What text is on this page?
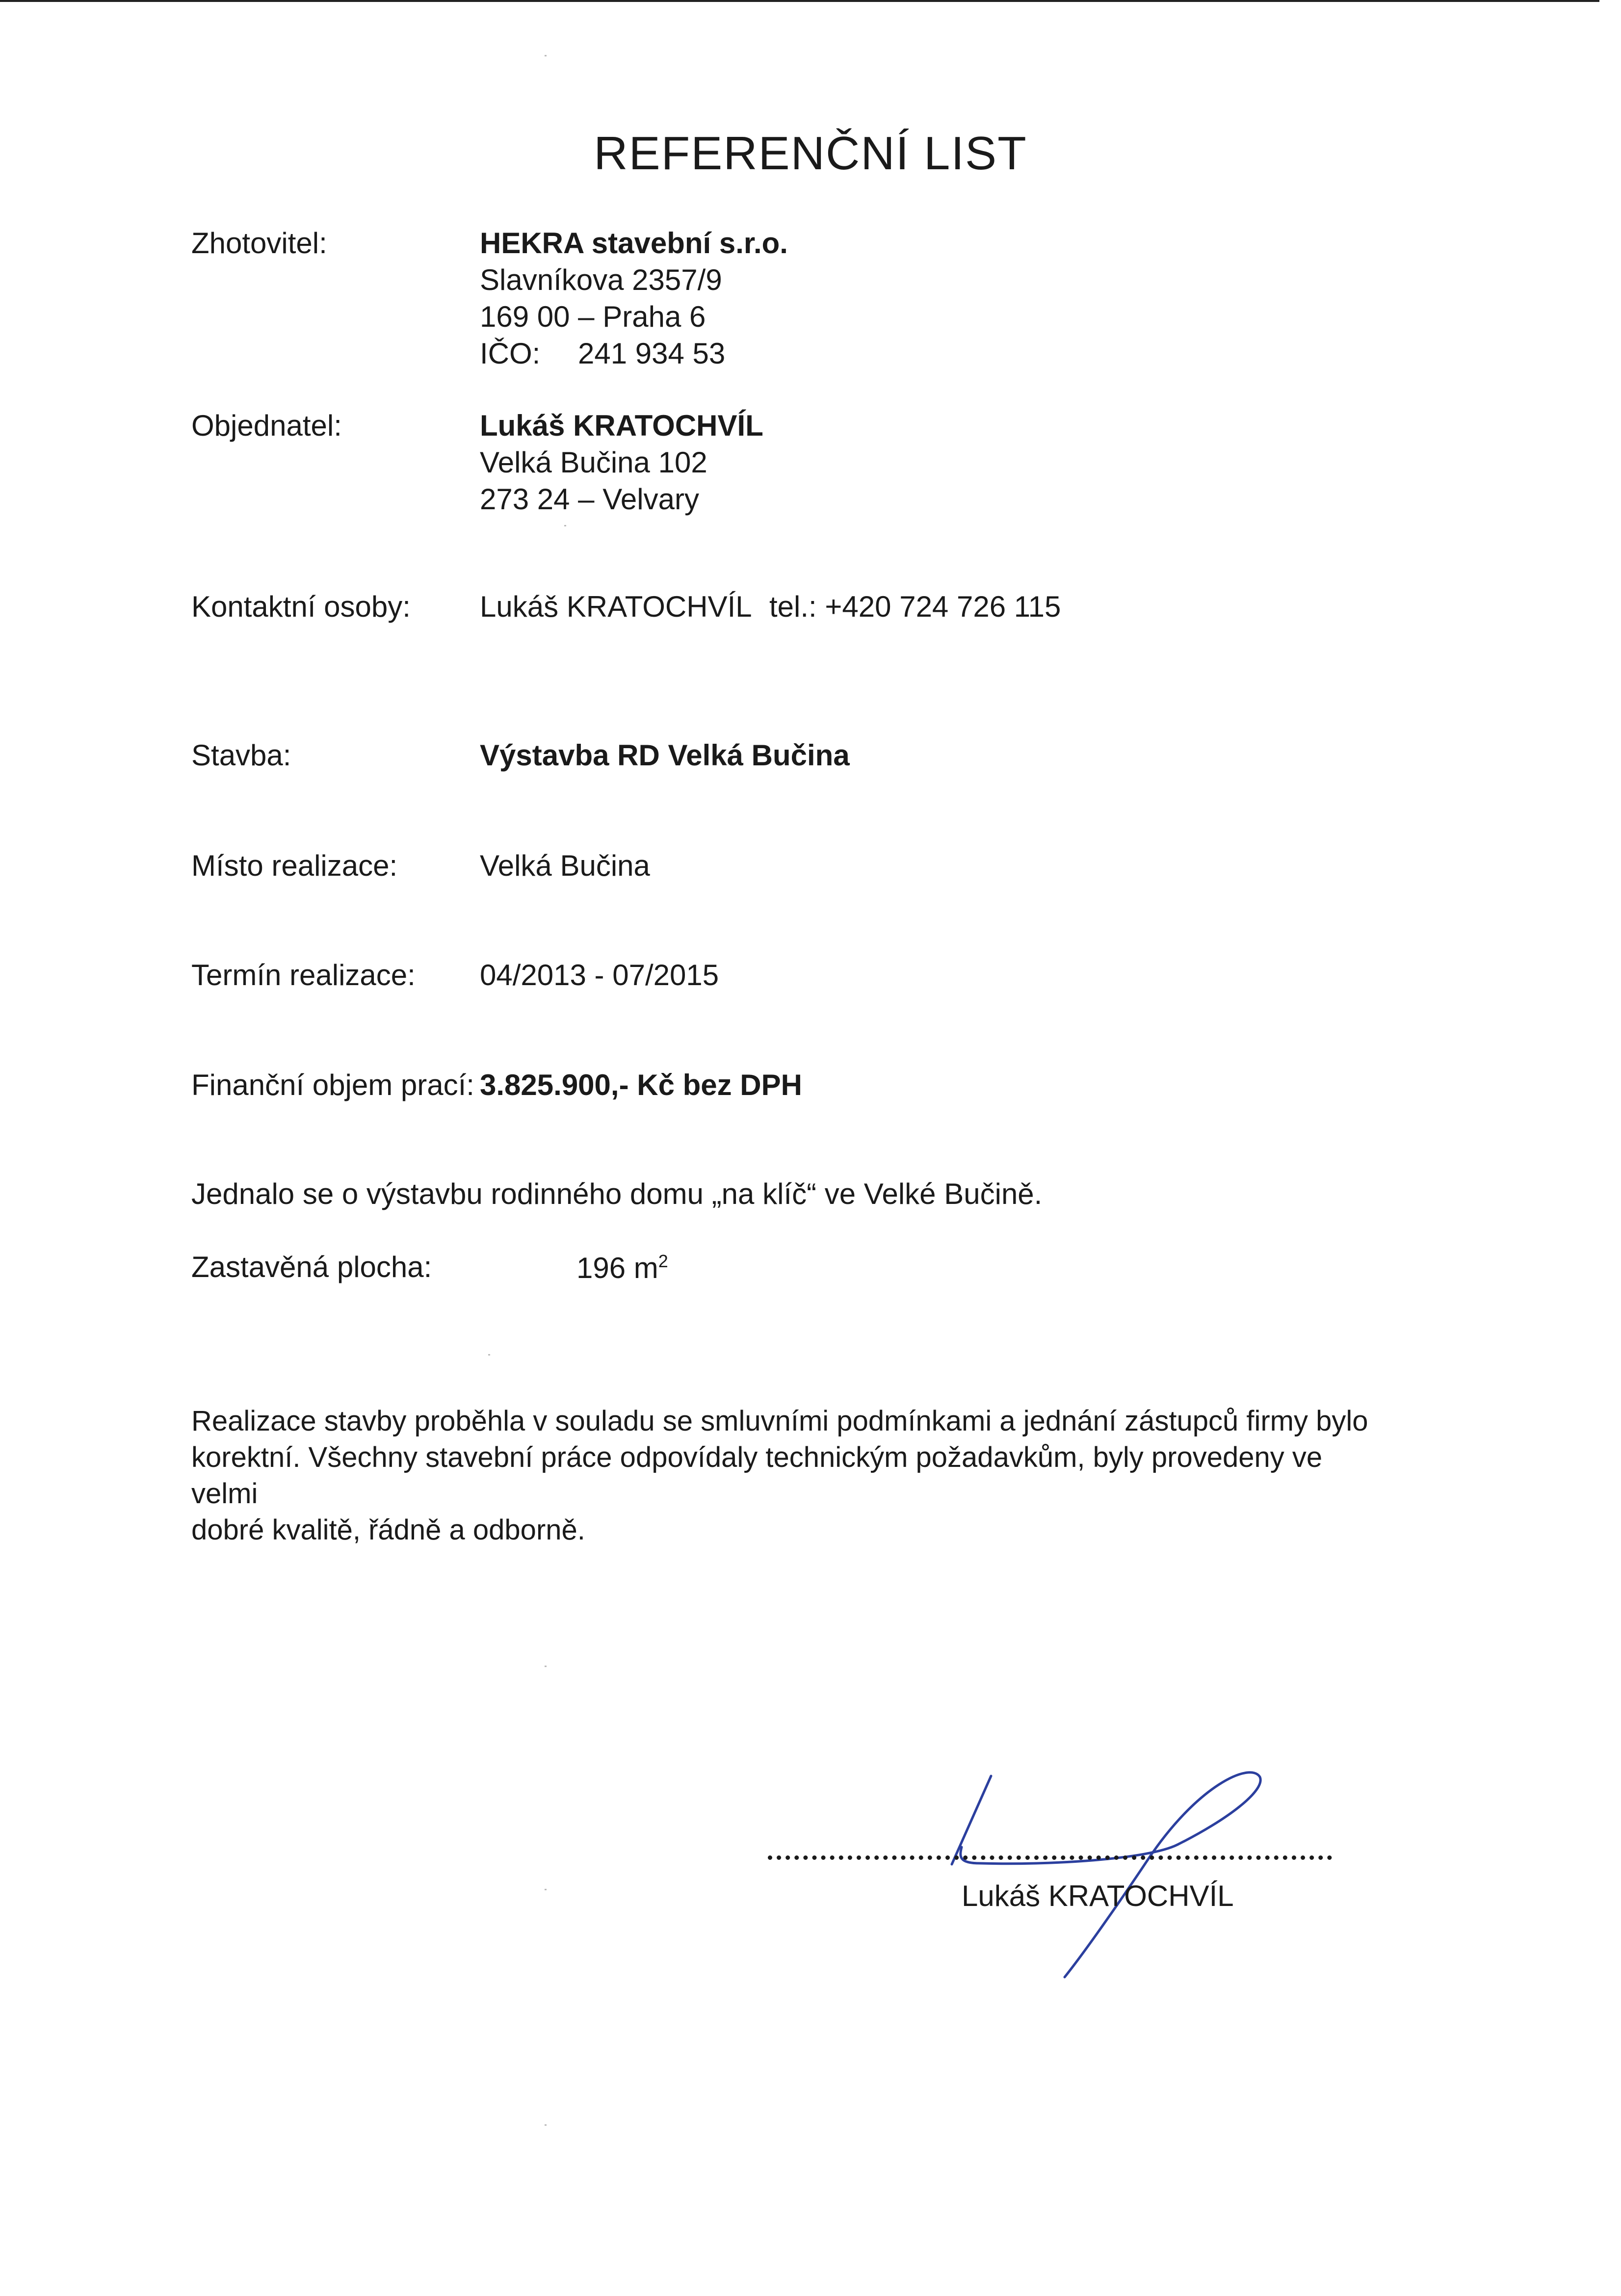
REFERENČNÍ LIST
Zhotovitel:	HEKRA stavební s.r.o.
Slavníkova 2357/9
169 00 – Praha 6
IČO: 241 934 53
Objednatel:	Lukáš KRATOCHVÍL
Velká Bučina 102
273 24 – Velvary
Kontaktní osoby: Lukáš KRATOCHVÍL tel.: +420 724 726 115
Stavba:	Výstavba RD Velká Bučina
Místo realizace:	Velká Bučina
Termín realizace: 04/2013 - 07/2015
Finanční objem prací: 3.825.900,- Kč bez DPH
Jednalo se o výstavbu rodinného domu „na klíč“ ve Velké Bučině.
Zastavěná plocha:	196 $m^2$
Realizace stavby proběhla v souladu se smluvními podmínkami a jednání zástupců firmy bylo
korektní. Všechny stavební práce odpovídaly technickým požadavkům, byly provedeny ve velmi
dobré kvalitě, řádně a odborně.
Lukáš KRATOCHVÍL
